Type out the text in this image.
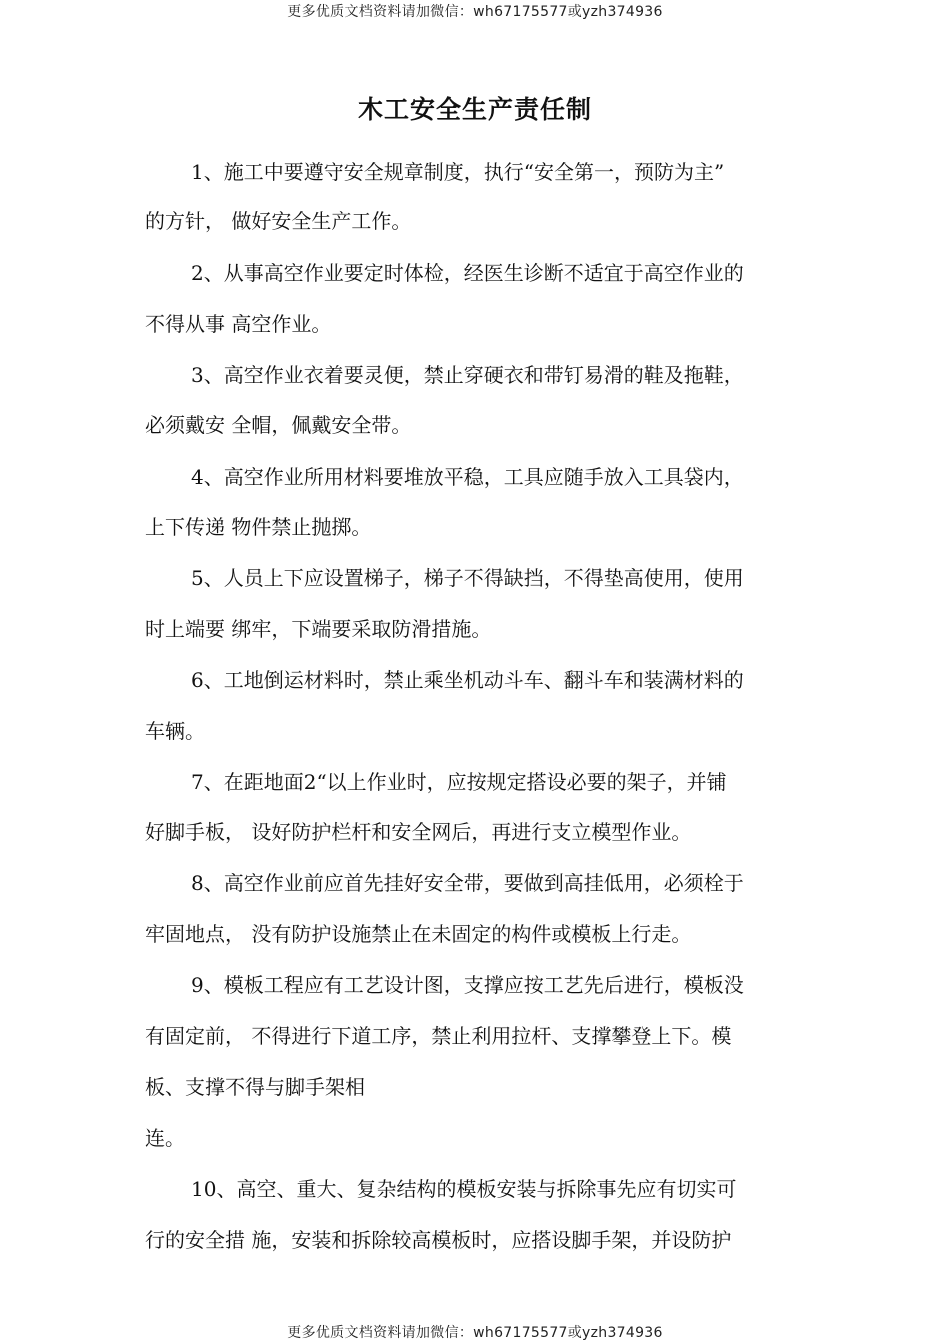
更多优质文档资料请加微信：wh67175577或yzh374936
木工安全生产责任制
1、施工中要遵守安全规章制度，执行“安全第一，预防为主”
的方针， 做好安全生产工作。
2、从事高空作业要定时体检，经医生诊断不适宜于高空作业的
不得从事 高空作业。
3、高空作业衣着要灵便，禁止穿硬衣和带钉易滑的鞋及拖鞋，
必须戴安 全帽，佩戴安全带。
4、高空作业所用材料要堆放平稳，工具应随手放入工具袋内，
上下传递 物件禁止抛掷。
5、人员上下应设置梯子，梯子不得缺挡，不得垫高使用，使用
时上端要 绑牢，下端要采取防滑措施。
6、工地倒运材料时，禁止乘坐机动斗车、翻斗车和装满材料的
车辆。
7、在距地面2“以上作业时，应按规定搭设必要的架子，并铺
好脚手板， 设好防护栏杆和安全网后，再进行支立模型作业。
8、高空作业前应首先挂好安全带，要做到高挂低用，必须栓于
牢固地点， 没有防护设施禁止在未固定的构件或模板上行走。
9、模板工程应有工艺设计图，支撑应按工艺先后进行，模板没
有固定前， 不得进行下道工序，禁止利用拉杆、支撑攀登上下。模
板、支撑不得与脚手架相
连。
10、高空、重大、复杂结构的模板安装与拆除事先应有切实可
行的安全措 施，安装和拆除较高模板时，应搭设脚手架，并设防护
更多优质文档资料请加微信：wh67175577或yzh374936
